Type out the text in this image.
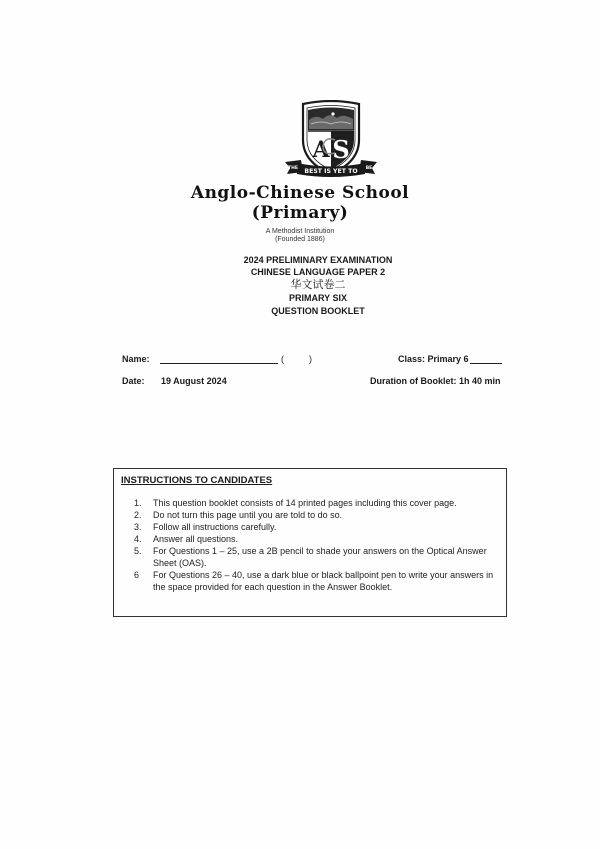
A S
BEST IS YET TO
THE	BE
Anglo-Chinese School
(Primary)
A Methodist Institution
(Founded 1886)
2024 PRELIMINARY EXAMINATION
CHINESE LANGUAGE PAPER 2
华文试卷二
PRIMARY SIX
QUESTION BOOKLET
Name:	(	)	Class: Primary 6
Date: 19 August 2024	Duration of Booklet: 1h 40 min
INSTRUCTIONS TO CANDIDATES
1.	This question booklet consists of 14 printed pages including this cover page.
2.	Do not turn this page until you are told to do so.
3.	Follow all instructions carefully.
4.	Answer all questions.
5.	For Questions 1 – 25, use a 2B pencil to shade your answers on the Optical Answer Sheet (OAS).
6	For Questions 26 – 40, use a dark blue or black ballpoint pen to write your answers in the space provided for each question in the Answer Booklet.
